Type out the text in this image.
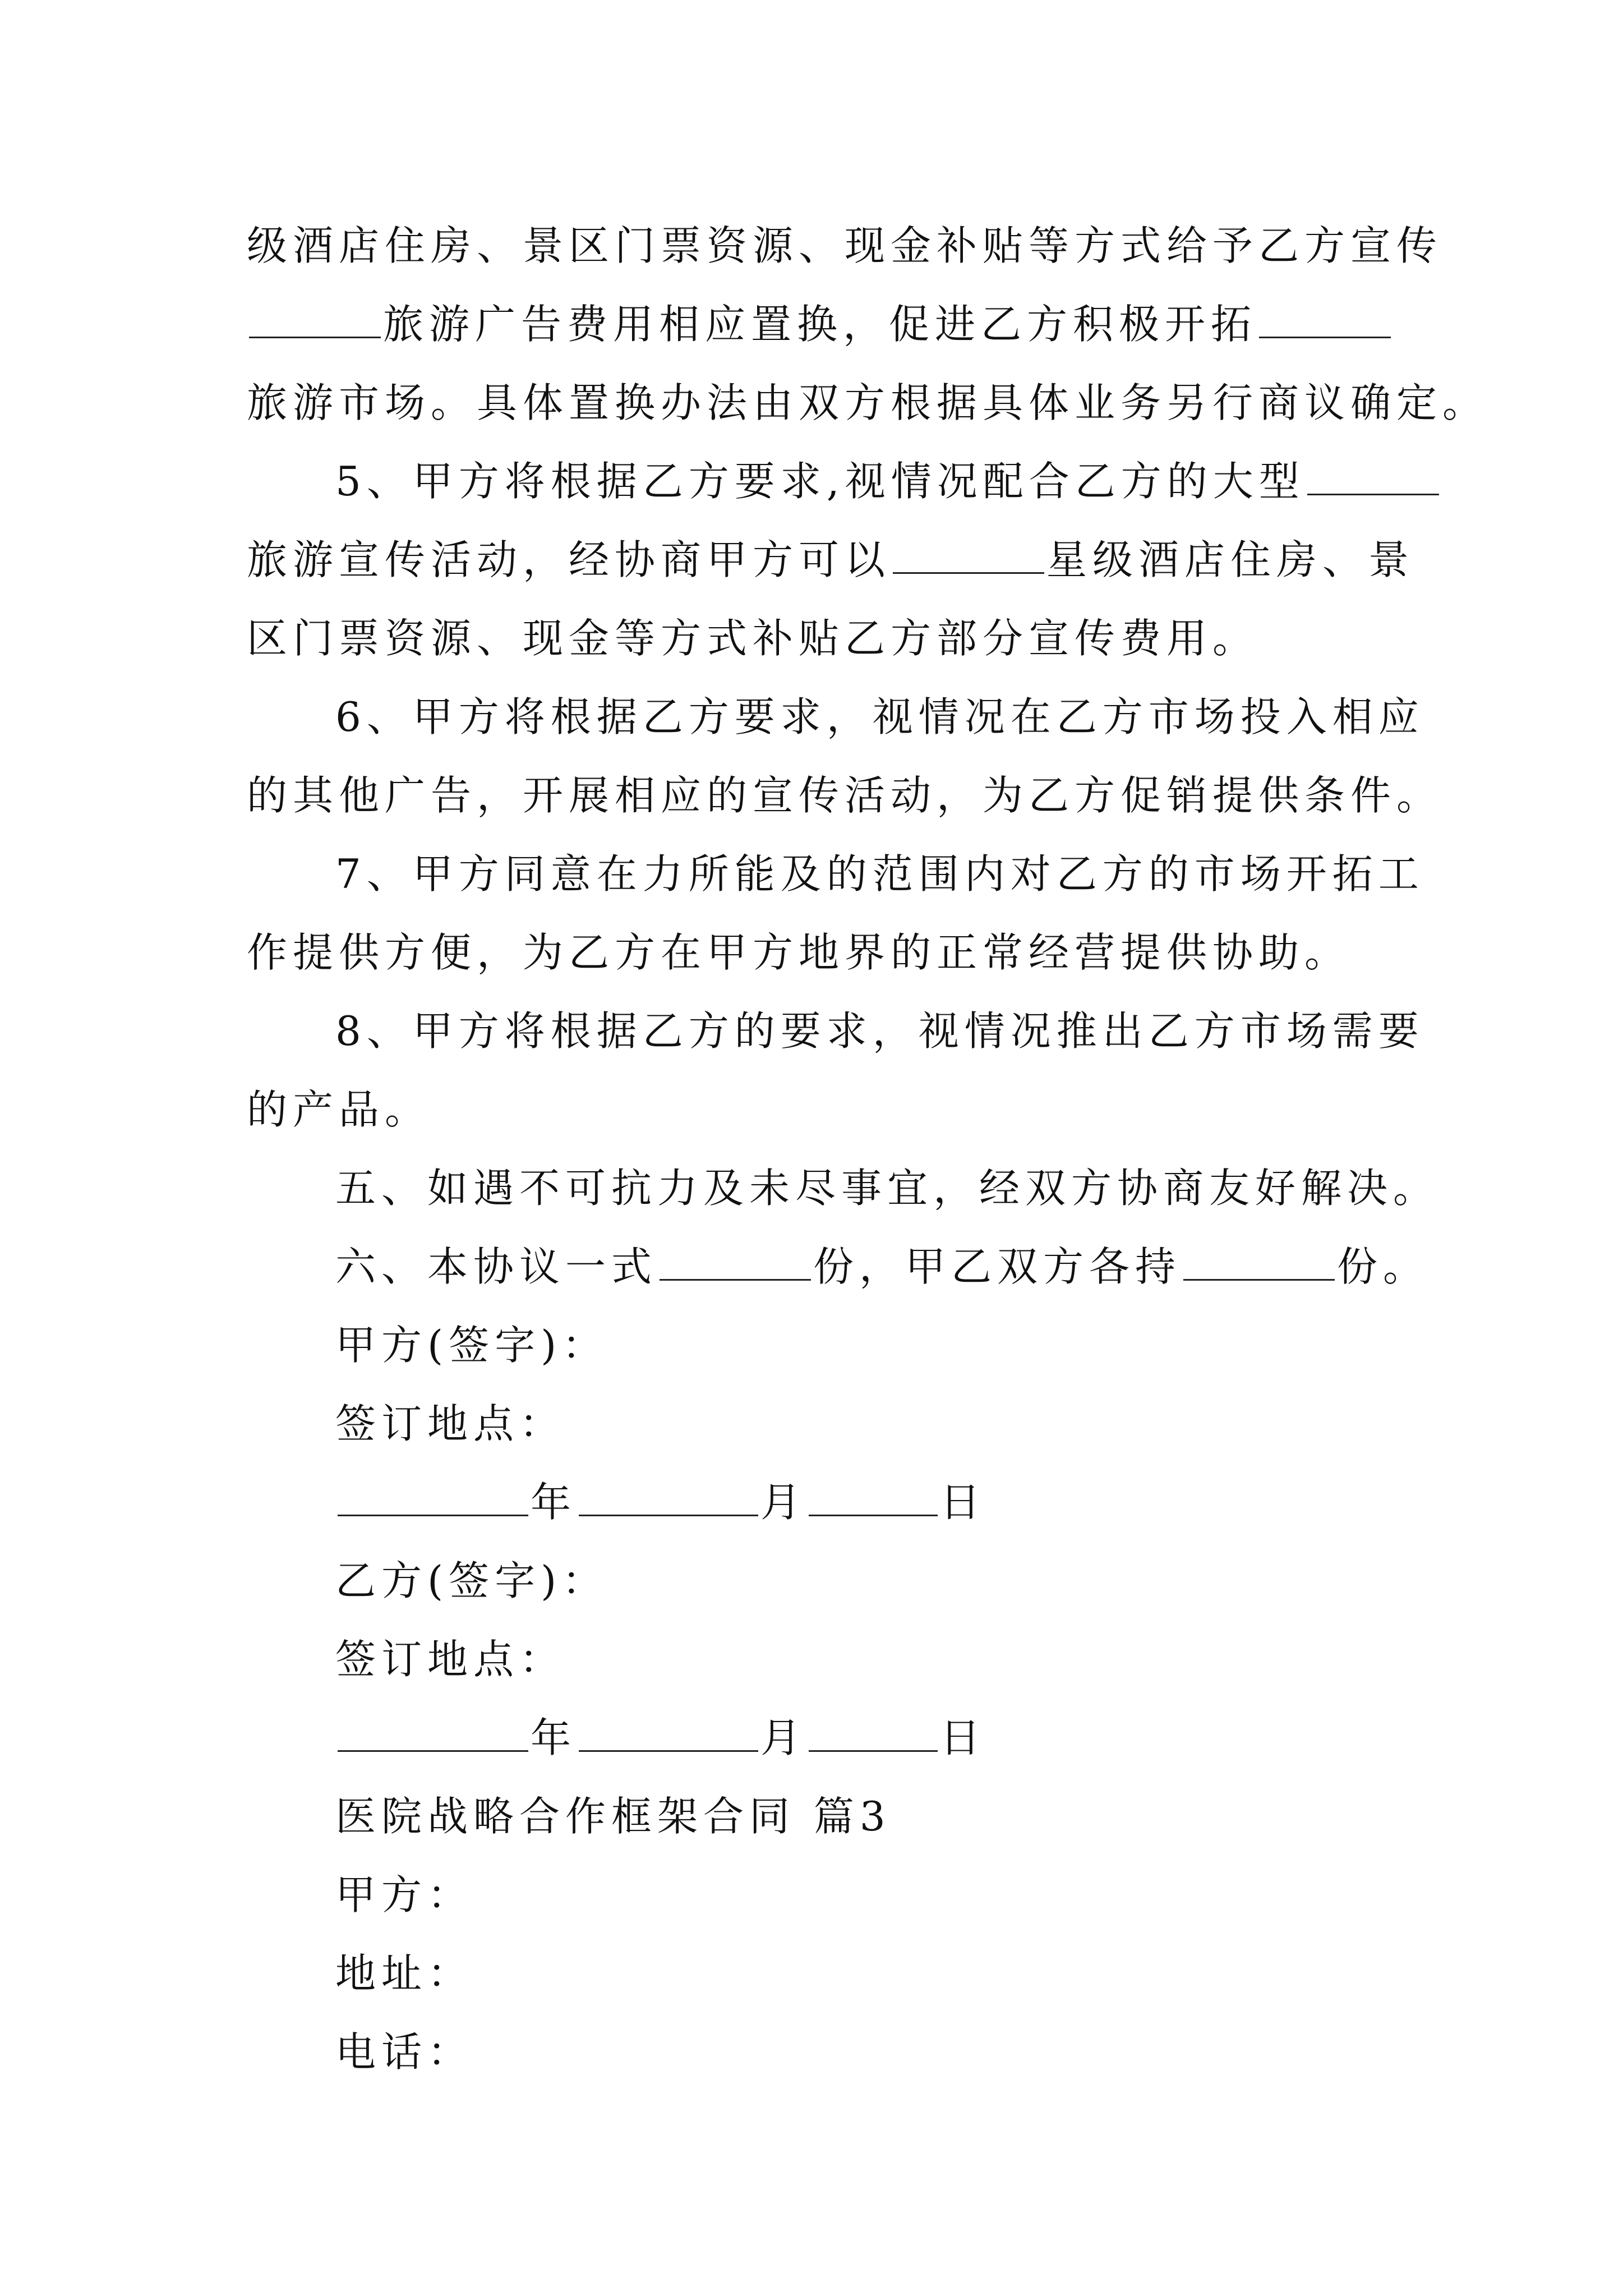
级酒店住房、景区门票资源、现金补贴等方式给予乙方宣传
旅游广告费用相应置换，促进乙方积极开拓
旅游市场。具体置换办法由双方根据具体业务另行商议确定。
5、甲方将根据乙方要求,视情况配合乙方的大型
旅游宣传活动，经协商甲方可以	星级酒店住房、景
区门票资源、现金等方式补贴乙方部分宣传费用。
6、甲方将根据乙方要求，视情况在乙方市场投入相应
的其他广告，开展相应的宣传活动，为乙方促销提供条件。
7、甲方同意在力所能及的范围内对乙方的市场开拓工
作提供方便，为乙方在甲方地界的正常经营提供协助。
8、甲方将根据乙方的要求，视情况推出乙方市场需要
的产品。
五、如遇不可抗力及未尽事宜，经双方协商友好解决。
六、本协议一式	份，甲乙双方各持	份。
甲方(签字)：
签订地点：
年	月	日
乙方(签字)：
签订地点：
年	月	日
医院战略合作框架合同 篇3
甲方：
地址：
电话：
